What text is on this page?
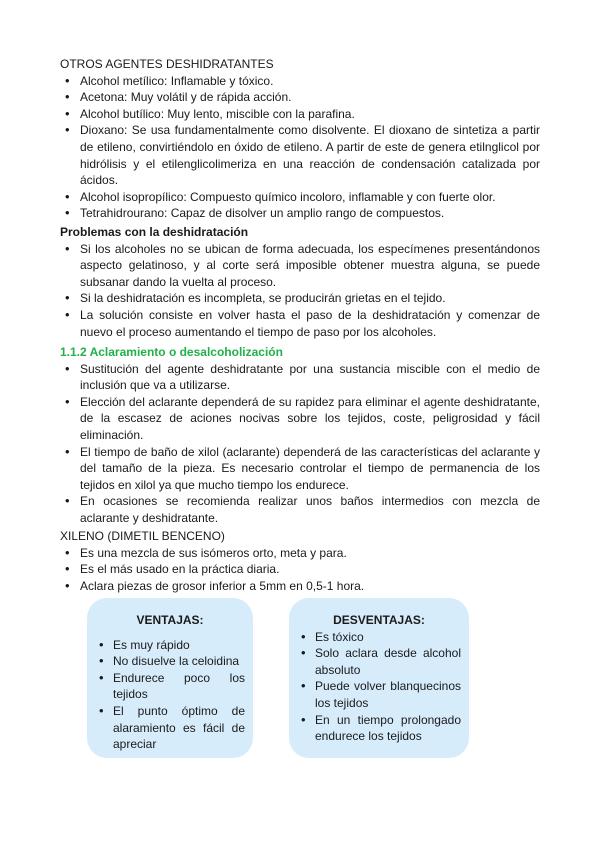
OTROS AGENTES DESHIDRATANTES

• Alcohol metílico: Inflamable y tóxico.
• Acetona: Muy volátil y de rápida acción.
• Alcohol butílico: Muy lento, miscible con la parafina.
• Dioxano: Se usa fundamentalmente como disolvente. El dioxano de sintetiza a partir de etileno, convirtiéndolo en óxido de etileno. A partir de este de genera etilnglicol por hidrólisis y el etilenglicolimeriza en una reacción de condensación catalizada por ácidos.
• Alcohol isopropílico: Compuesto químico incoloro, inflamable y con fuerte olor.
• Tetrahidrourano: Capaz de disolver un amplio rango de compuestos.

Problemas con la deshidratación

• Si los alcoholes no se ubican de forma adecuada, los especímenes presentándonos aspecto gelatinoso, y al corte será imposible obtener muestra alguna, se puede subsanar dando la vuelta al proceso.
• Si la deshidratación es incompleta, se producirán grietas en el tejido.
• La solución consiste en volver hasta el paso de la deshidratación y comenzar de nuevo el proceso aumentando el tiempo de paso por los alcoholes.

1.1.2 Aclaramiento o desalcoholización

• Sustitución del agente deshidratante por una sustancia miscible con el medio de inclusión que va a utilizarse.
• Elección del aclarante dependerá de su rapidez para eliminar el agente deshidratante, de la escasez de aciones nocivas sobre los tejidos, coste, peligrosidad y fácil eliminación.
• El tiempo de baño de xilol (aclarante) dependerá de las características del aclarante y del tamaño de la pieza. Es necesario controlar el tiempo de permanencia de los tejidos en xilol ya que mucho tiempo los endurece.
• En ocasiones se recomienda realizar unos baños intermedios con mezcla de aclarante y deshidratante.

XILENO (DIMETIL BENCENO)

• Es una mezcla de sus isómeros orto, meta y para.
• Es el más usado en la práctica diaria.
• Aclara piezas de grosor inferior a 5mm en 0,5-1 hora.

VENTAJAS:

• Es muy rápido
• No disuelve la celoidina
• Endurece poco los tejidos
• El punto óptimo de alaramiento es fácil de apreciar

DESVENTAJAS:

• Es tóxico
• Solo aclara desde alcohol absoluto
• Puede volver blanquecinos los tejidos
• En un tiempo prolongado endurece los tejidos
